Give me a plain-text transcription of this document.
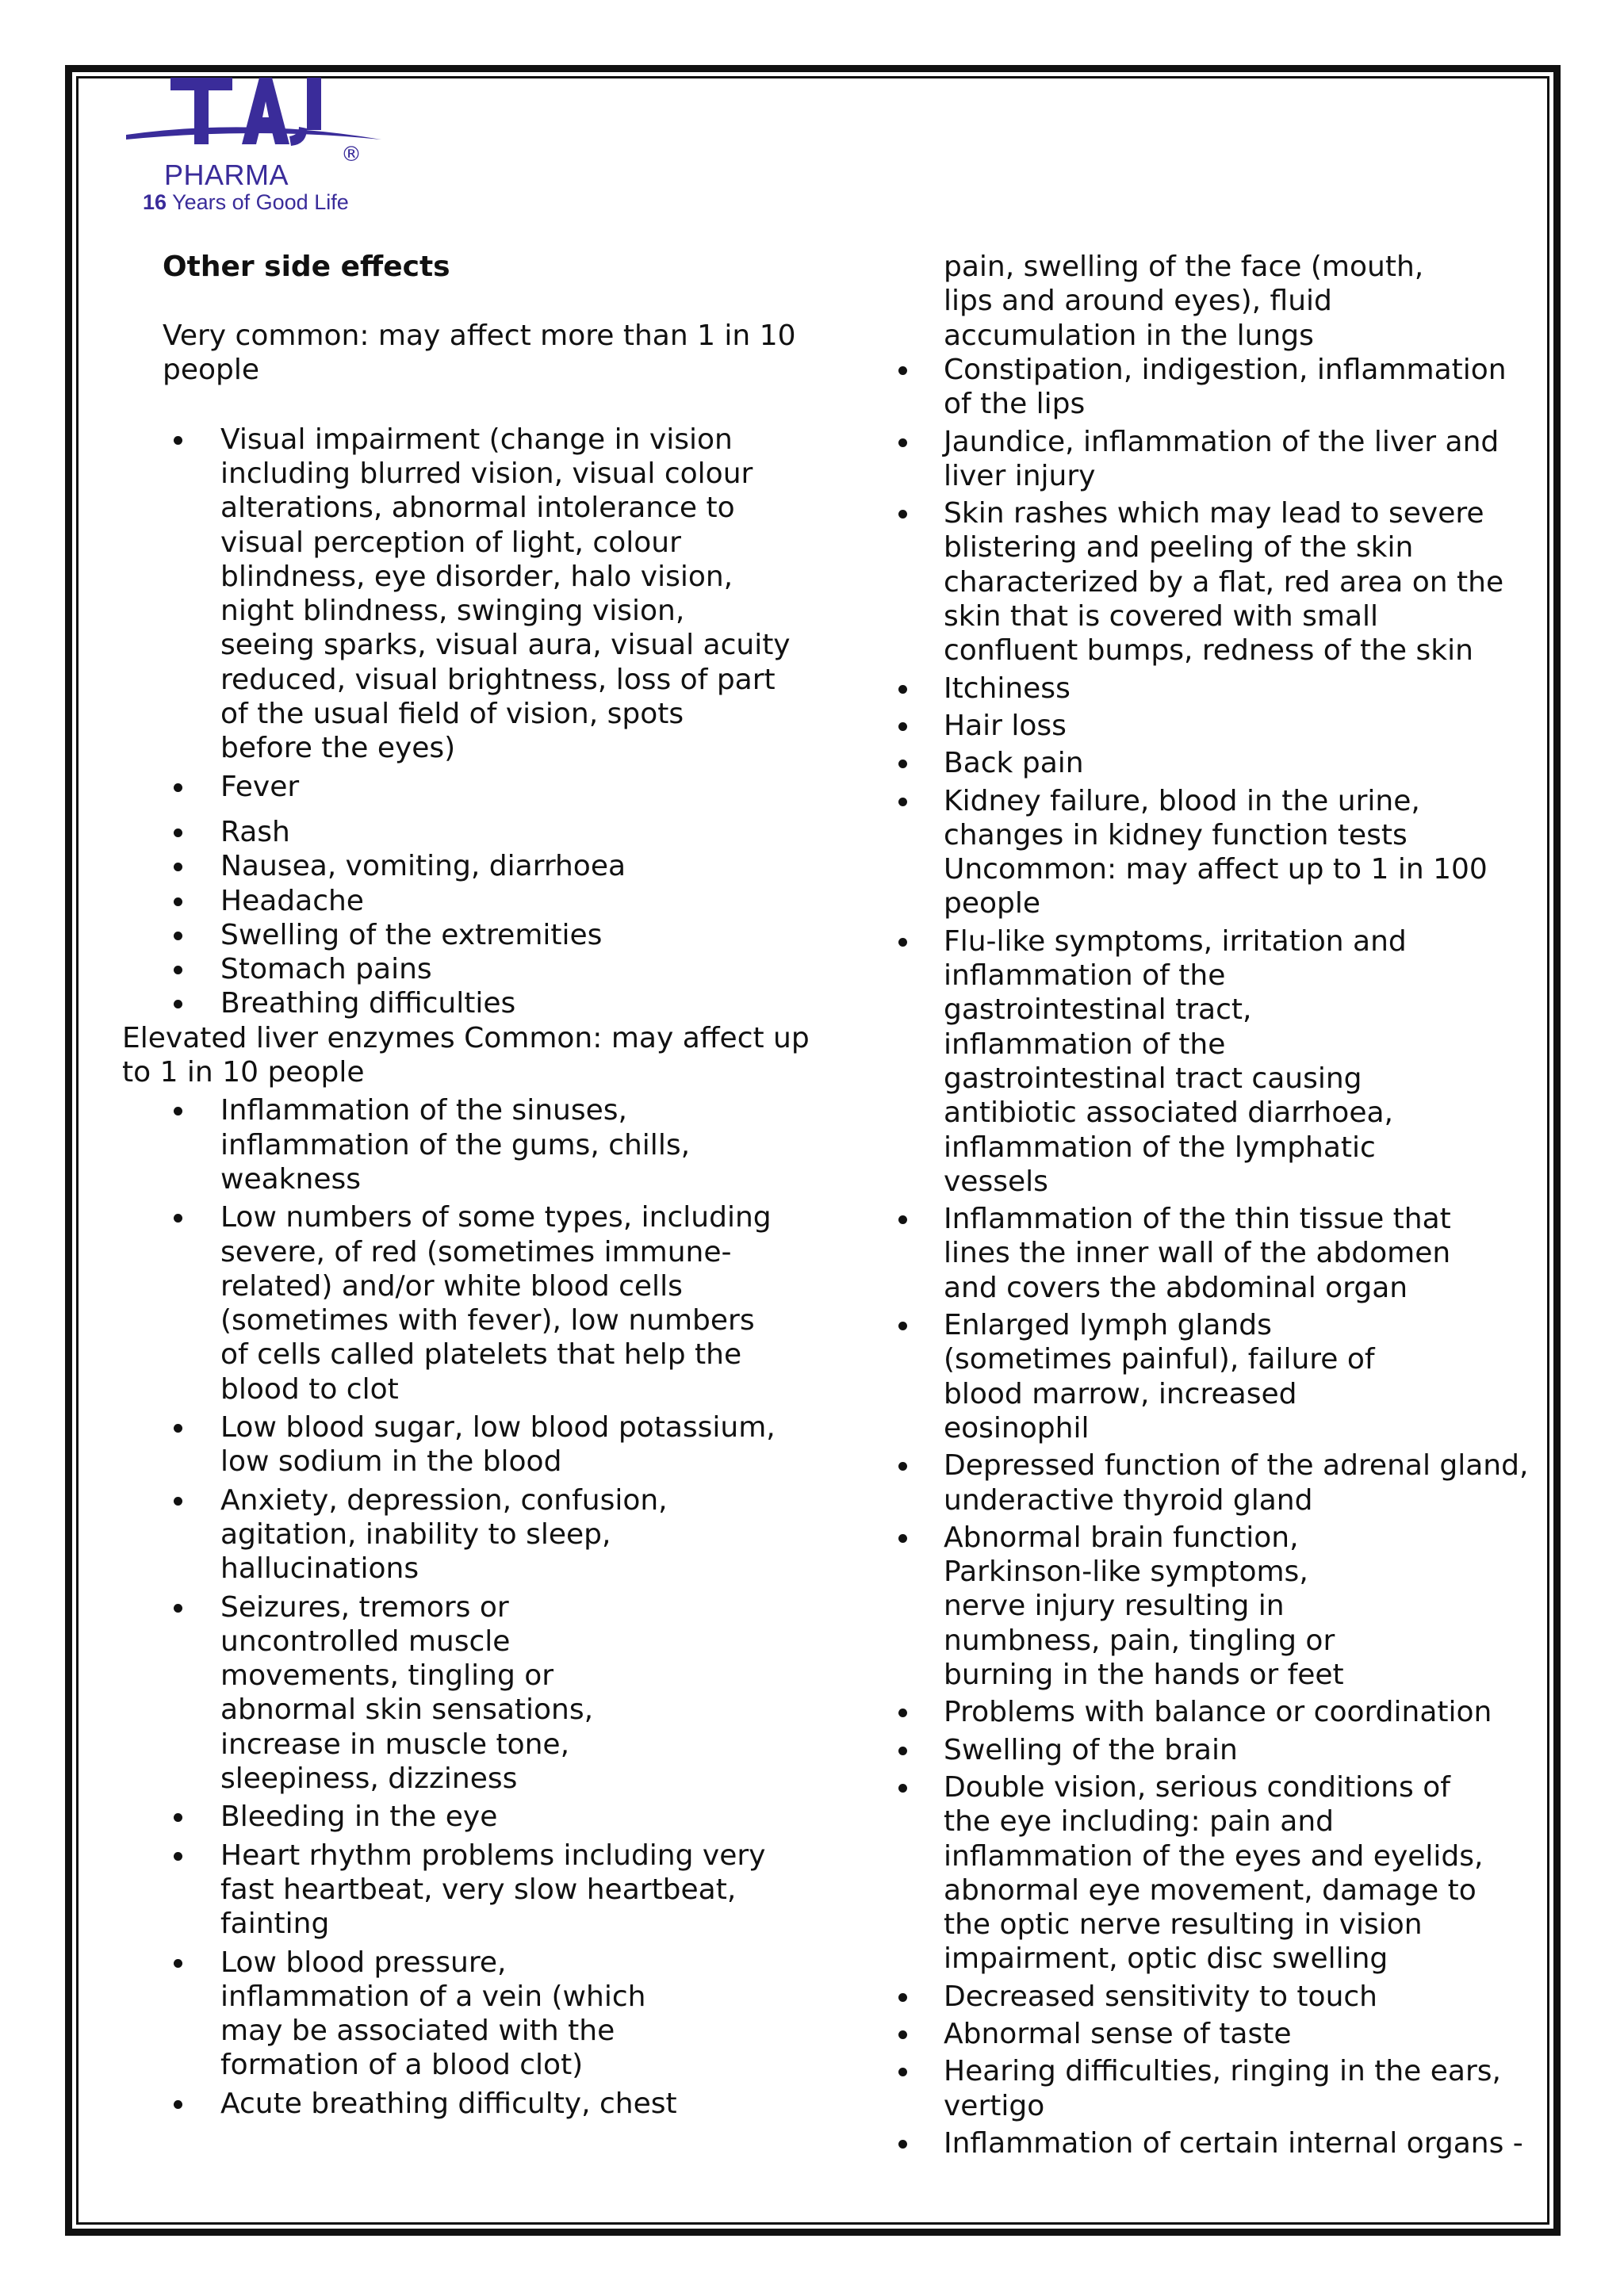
®
PHARMA
16 Years of Good Life
Other side effects
Very common: may affect more than 1 in 10
people
Visual impairment (change in vision
including blurred vision, visual colour
alterations, abnormal intolerance to
visual perception of light, colour
blindness, eye disorder, halo vision,
night blindness, swinging vision,
seeing sparks, visual aura, visual acuity
reduced, visual brightness, loss of part
of the usual field of vision, spots
before the eyes)
Fever
Rash
Nausea, vomiting, diarrhoea
Headache
Swelling of the extremities
Stomach pains
Breathing difficulties
Elevated liver enzymes Common: may affect up
to 1 in 10 people
Inflammation of the sinuses,
inflammation of the gums, chills,
weakness
Low numbers of some types, including
severe, of red (sometimes immune-
related) and/or white blood cells
(sometimes with fever), low numbers
of cells called platelets that help the
blood to clot
Low blood sugar, low blood potassium,
low sodium in the blood
Anxiety, depression, confusion,
agitation, inability to sleep,
hallucinations
Seizures, tremors or
uncontrolled muscle
movements, tingling or
abnormal skin sensations,
increase in muscle tone,
sleepiness, dizziness
Bleeding in the eye
Heart rhythm problems including very
fast heartbeat, very slow heartbeat,
fainting
Low blood pressure,
inflammation of a vein (which
may be associated with the
formation of a blood clot)
Acute breathing difficulty, chest
pain, swelling of the face (mouth,
lips and around eyes), fluid
accumulation in the lungs
Constipation, indigestion, inflammation
of the lips
Jaundice, inflammation of the liver and
liver injury
Skin rashes which may lead to severe
blistering and peeling of the skin
characterized by a flat, red area on the
skin that is covered with small
confluent bumps, redness of the skin
Itchiness
Hair loss
Back pain
Kidney failure, blood in the urine,
changes in kidney function tests
Uncommon: may affect up to 1 in 100
people
Flu-like symptoms, irritation and
inflammation of the
gastrointestinal tract,
inflammation of the
gastrointestinal tract causing
antibiotic associated diarrhoea,
inflammation of the lymphatic
vessels
Inflammation of the thin tissue that
lines the inner wall of the abdomen
and covers the abdominal organ
Enlarged lymph glands
(sometimes painful), failure of
blood marrow, increased
eosinophil
Depressed function of the adrenal gland,
underactive thyroid gland
Abnormal brain function,
Parkinson-like symptoms,
nerve injury resulting in
numbness, pain, tingling or
burning in the hands or feet
Problems with balance or coordination
Swelling of the brain
Double vision, serious conditions of
the eye including: pain and
inflammation of the eyes and eyelids,
abnormal eye movement, damage to
the optic nerve resulting in vision
impairment, optic disc swelling
Decreased sensitivity to touch
Abnormal sense of taste
Hearing difficulties, ringing in the ears,
vertigo
Inflammation of certain internal organs -
